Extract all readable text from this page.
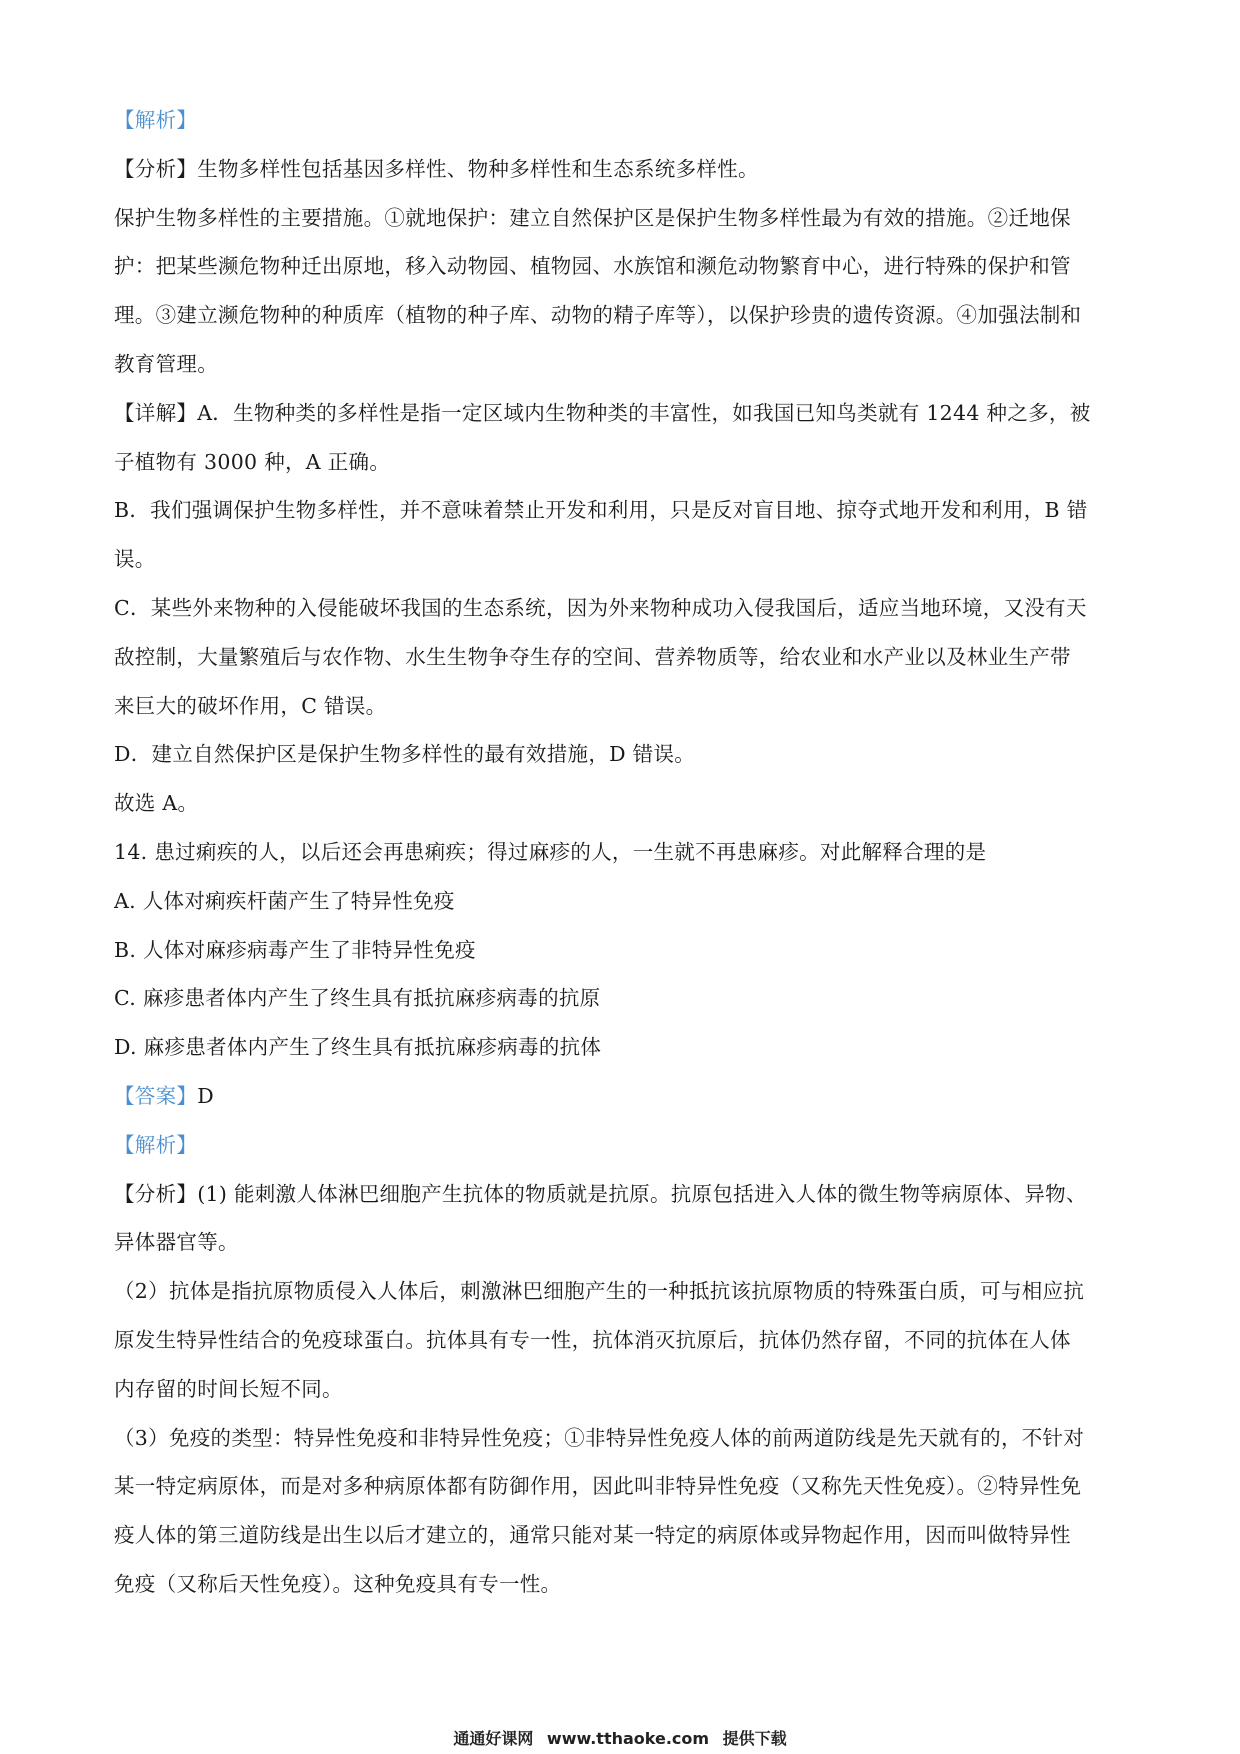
【解析】
【分析】生物多样性包括基因多样性、物种多样性和生态系统多样性。
保护生物多样性的主要措施。①就地保护：建立自然保护区是保护生物多样性最为有效的措施。②迁地保
护：把某些濒危物种迁出原地，移入动物园、植物园、水族馆和濒危动物繁育中心，进行特殊的保护和管
理。③建立濒危物种的种质库（植物的种子库、动物的精子库等），以保护珍贵的遗传资源。④加强法制和
教育管理。
【详解】A．生物种类的多样性是指一定区域内生物种类的丰富性，如我国已知鸟类就有 1244 种之多，被
子植物有 3000 种，A 正确。
B．我们强调保护生物多样性，并不意味着禁止开发和利用，只是反对盲目地、掠夺式地开发和利用，B 错
误。
C．某些外来物种的入侵能破坏我国的生态系统，因为外来物种成功入侵我国后，适应当地环境，又没有天
敌控制，大量繁殖后与农作物、水生生物争夺生存的空间、营养物质等，给农业和水产业以及林业生产带
来巨大的破坏作用，C 错误。
D．建立自然保护区是保护生物多样性的最有效措施，D 错误。
故选 A。
14. 患过痢疾的人，以后还会再患痢疾；得过麻疹的人，一生就不再患麻疹。对此解释合理的是
A. 人体对痢疾杆菌产生了特异性免疫
B. 人体对麻疹病毒产生了非特异性免疫
C. 麻疹患者体内产生了终生具有抵抗麻疹病毒的抗原
D. 麻疹患者体内产生了终生具有抵抗麻疹病毒的抗体
【答案】D
【解析】
【分析】(1) 能刺激人体淋巴细胞产生抗体的物质就是抗原。抗原包括进入人体的微生物等病原体、异物、
异体器官等。
（2）抗体是指抗原物质侵入人体后，刺激淋巴细胞产生的一种抵抗该抗原物质的特殊蛋白质，可与相应抗
原发生特异性结合的免疫球蛋白。抗体具有专一性，抗体消灭抗原后，抗体仍然存留，不同的抗体在人体
内存留的时间长短不同。
（3）免疫的类型：特异性免疫和非特异性免疫；①非特异性免疫人体的前两道防线是先天就有的，不针对
某一特定病原体，而是对多种病原体都有防御作用，因此叫非特异性免疫（又称先天性免疫）。②特异性免
疫人体的第三道防线是出生以后才建立的，通常只能对某一特定的病原体或异物起作用，因而叫做特异性
免疫（又称后天性免疫）。这种免疫具有专一性。
通通好课网 www.tthaoke.com 提供下载
